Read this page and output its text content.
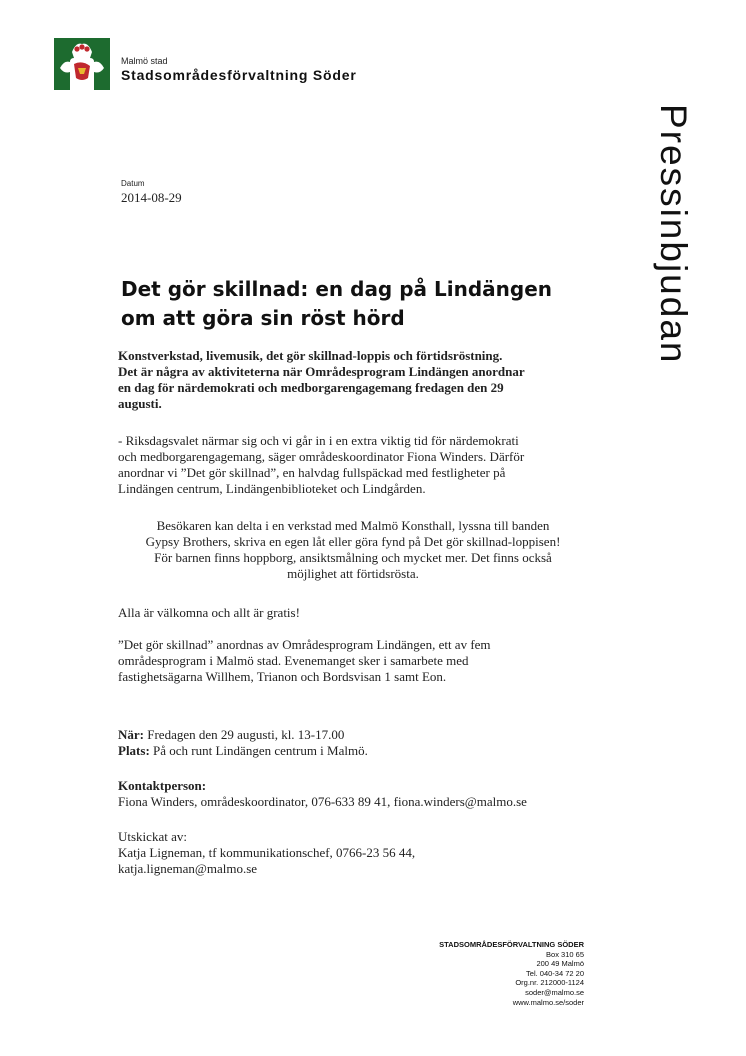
Malmö stad
Stadsområdesförvaltning Söder
Pressinbjudan
Datum
2014-08-29
Det gör skillnad: en dag på Lindängen
om att göra sin röst hörd
Konstverkstad, livemusik, det gör skillnad-loppis och förtidsröstning.
Det är några av aktiviteterna när Områdesprogram Lindängen anordnar
en dag för närdemokrati och medborgarengagemang fredagen den 29
augusti.
- Riksdagsvalet närmar sig och vi går in i en extra viktig tid för närdemokrati
och medborgarengagemang, säger områdeskoordinator Fiona Winders. Därför
anordnar vi ”Det gör skillnad”, en halvdag fullspäckad med festligheter på
Lindängen centrum, Lindängenbiblioteket och Lindgården.
Besökaren kan delta i en verkstad med Malmö Konsthall, lyssna till banden
Gypsy Brothers, skriva en egen låt eller göra fynd på Det gör skillnad-loppisen!
För barnen finns hoppborg, ansiktsmålning och mycket mer. Det finns också
möjlighet att förtidsrösta.
Alla är välkomna och allt är gratis!
”Det gör skillnad” anordnas av Områdesprogram Lindängen, ett av fem
områdesprogram i Malmö stad. Evenemanget sker i samarbete med
fastighetsägarna Willhem, Trianon och Bordsvisan 1 samt Eon.
När: Fredagen den 29 augusti, kl. 13-17.00
Plats: På och runt Lindängen centrum i Malmö.
Kontaktperson:
Fiona Winders, områdeskoordinator, 076-633 89 41, fiona.winders@malmo.se
Utskickat av:
Katja Ligneman, tf kommunikationschef, 0766-23 56 44,
katja.ligneman@malmo.se
STADSOMRÅDESFÖRVALTNING SÖDER
Box 310 65
200 49 Malmö
Tel. 040-34 72 20
Org.nr. 212000-1124
soder@malmo.se
www.malmo.se/soder
